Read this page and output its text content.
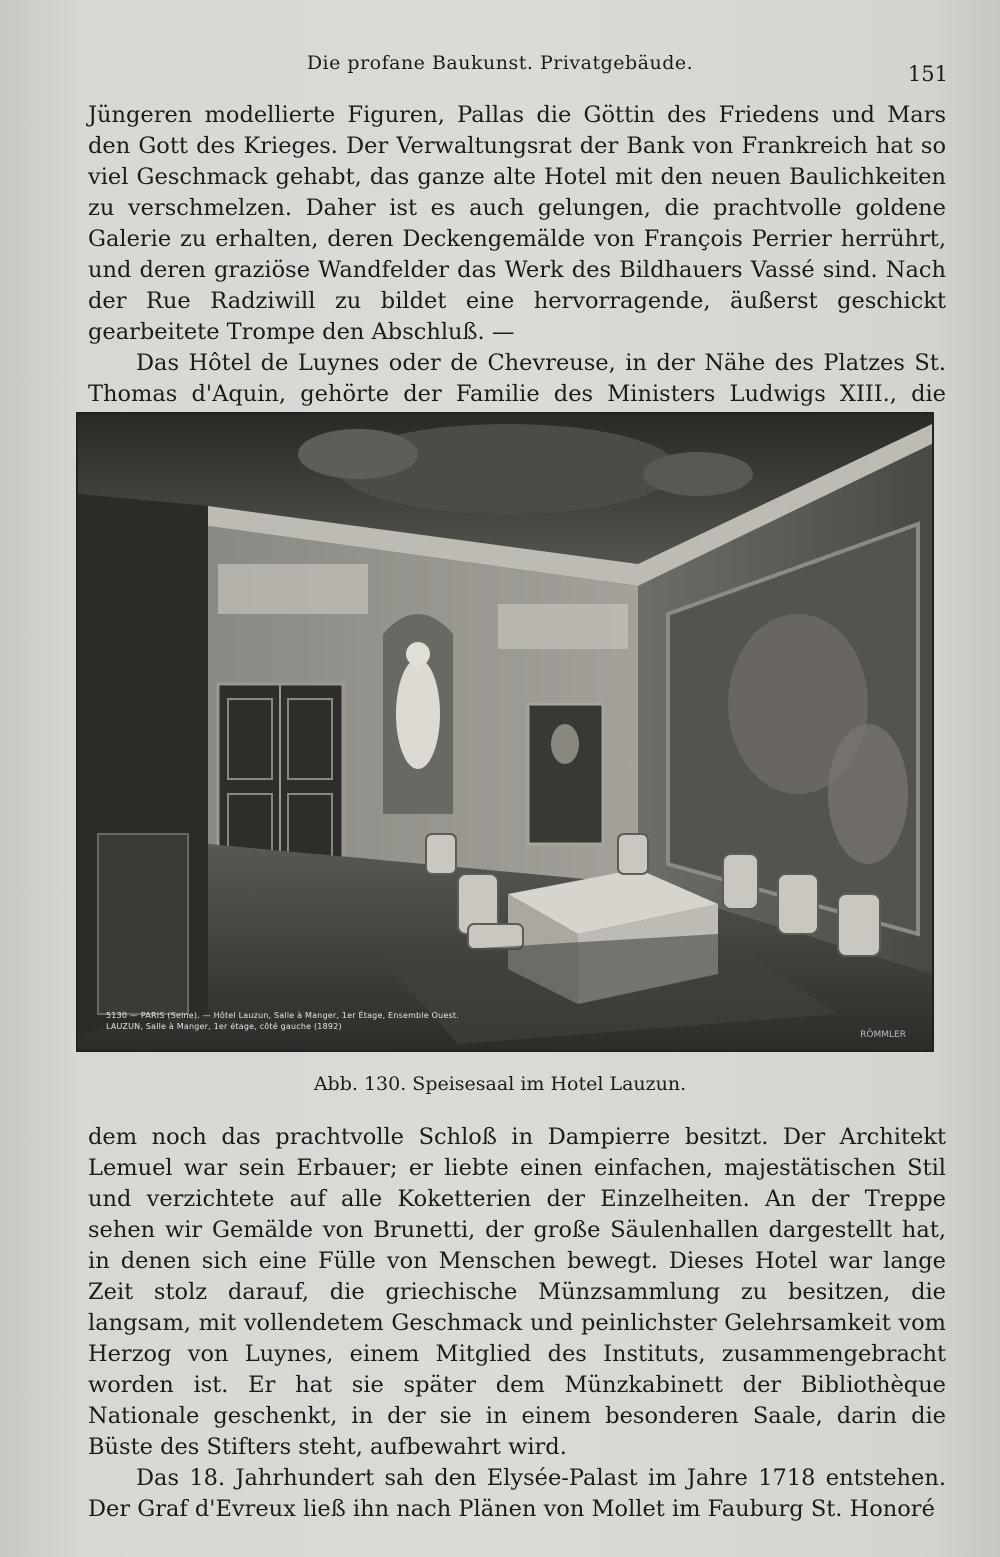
Die profane Baukunst. Privatgebäude.	151

Jüngeren modellierte Figuren, Pallas die Göttin des Friedens und Mars den Gott des Krieges. Der Verwaltungsrat der Bank von Frankreich hat so viel Geschmack gehabt, das ganze alte Hotel mit den neuen Baulichkeiten zu verschmelzen. Daher ist es auch gelungen, die prachtvolle goldene Galerie zu erhalten, deren Deckengemälde von François Perrier herrührt, und deren graziöse Wandfelder das Werk des Bildhauers Vassé sind. Nach der Rue Radziwill zu bildet eine hervorragende, äußerst geschickt gearbeitete Trompe den Abschluß. —

Das Hôtel de Luynes oder de Chevreuse, in der Nähe des Platzes St. Thomas d'Aquin, gehörte der Familie des Ministers Ludwigs XIII., die

5130 — PARIS (Seine). — Hôtel Lauzun, Salle à Manger, 1er Étage, Ensemble Ouest.
LAUZUN, Salle à Manger, 1er étage, côté gauche (1892)
RÖMMLER
Abb. 130. Speisesaal im Hotel Lauzun.

dem noch das prachtvolle Schloß in Dampierre besitzt. Der Architekt Lemuel war sein Erbauer; er liebte einen einfachen, majestätischen Stil und verzichtete auf alle Koketterien der Einzelheiten. An der Treppe sehen wir Gemälde von Brunetti, der große Säulenhallen dargestellt hat, in denen sich eine Fülle von Menschen bewegt. Dieses Hotel war lange Zeit stolz darauf, die griechische Münzsammlung zu besitzen, die langsam, mit vollendetem Geschmack und peinlichster Gelehrsamkeit vom Herzog von Luynes, einem Mitglied des Instituts, zusammengebracht worden ist. Er hat sie später dem Münzkabinett der Bibliothèque Nationale geschenkt, in der sie in einem besonderen Saale, darin die Büste des Stifters steht, aufbewahrt wird.

Das 18. Jahrhundert sah den Elysée-Palast im Jahre 1718 entstehen. Der Graf d'Evreux ließ ihn nach Plänen von Mollet im Fauburg St. Honoré
